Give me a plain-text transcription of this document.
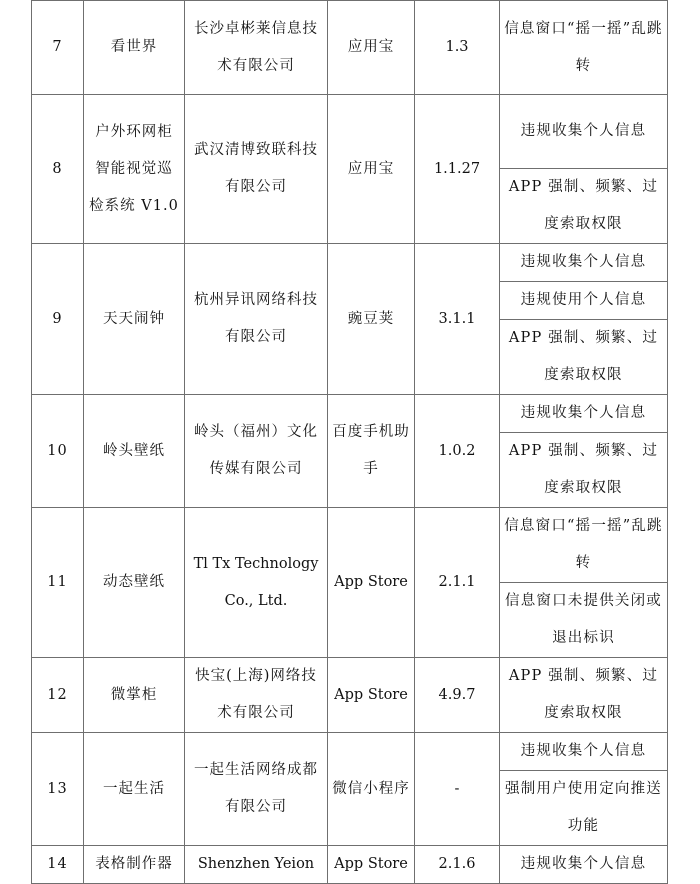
7	看世界	长沙卓彬莱信息技术有限公司	应用宝	1.3	信息窗口“摇一摇”乱跳转
8	户外环网柜智能视觉巡检系统 V1.0	武汉清博致联科技有限公司	应用宝	1.1.27	违规收集个人信息
					APP 强制、频繁、过度索取权限
9	天天闹钟	杭州异讯网络科技有限公司	豌豆荚	3.1.1	违规收集个人信息
					违规使用个人信息
					APP 强制、频繁、过度索取权限
10	岭头壁纸	岭头（福州）文化传媒有限公司	百度手机助手	1.0.2	违规收集个人信息
					APP 强制、频繁、过度索取权限
11	动态壁纸	Tl Tx Technology Co., Ltd.	App Store	2.1.1	信息窗口“摇一摇”乱跳转
					信息窗口未提供关闭或退出标识
12	微掌柜	快宝(上海)网络技术有限公司	App Store	4.9.7	APP 强制、频繁、过度索取权限
13	一起生活	一起生活网络成都有限公司	微信小程序	-	违规收集个人信息
					强制用户使用定向推送功能
14	表格制作器	Shenzhen Yeion	App Store	2.1.6	违规收集个人信息
